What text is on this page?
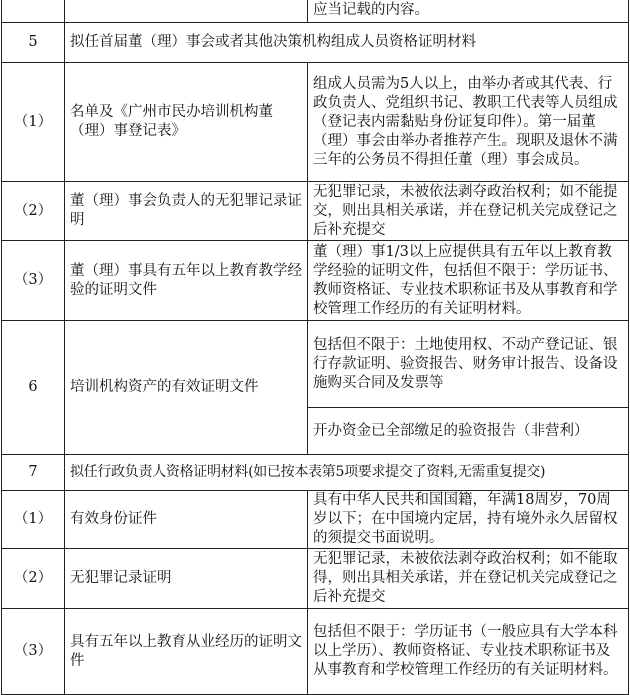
		应当记载的内容。
5	拟任首届董（理）事会或者其他决策机构组成人员资格证明材料	
（1）	名单及《广州市民办培训机构董（理）事登记表》	组成人员需为5人以上，由举办者或其代表、行政负责人、党组织书记、教职工代表等人员组成（登记表内需黏贴身份证复印件）。第一届董（理）事会由举办者推荐产生。现职及退休不满三年的公务员不得担任董（理）事会成员。
（2）	董（理）事会负责人的无犯罪记录证明	无犯罪记录，未被依法剥夺政治权利；如不能提交，则出具相关承诺，并在登记机关完成登记之后补充提交
（3）	董（理）事具有五年以上教育教学经验的证明文件	董（理）事1/3以上应提供具有五年以上教育教学经验的证明文件，包括但不限于：学历证书、教师资格证、专业技术职称证书及从事教育和学校管理工作经历的有关证明材料。
6	培训机构资产的有效证明文件	包括但不限于：土地使用权、不动产登记证、银行存款证明、验资报告、财务审计报告、设备设施购买合同及发票等
		开办资金已全部缴足的验资报告（非营利）
7	拟任行政负责人资格证明材料(如已按本表第5项要求提交了资料,无需重复提交)	
（1）	有效身份证件	具有中华人民共和国国籍，年满18周岁，70周岁以下；在中国境内定居，持有境外永久居留权的须提交书面说明。
（2）	无犯罪记录证明	无犯罪记录，未被依法剥夺政治权利；如不能取得，则出具相关承诺，并在登记机关完成登记之后补充提交
（3）	具有五年以上教育从业经历的证明文件	包括但不限于：学历证书（一般应具有大学本科以上学历）、教师资格证、专业技术职称证书及从事教育和学校管理工作经历的有关证明材料。
